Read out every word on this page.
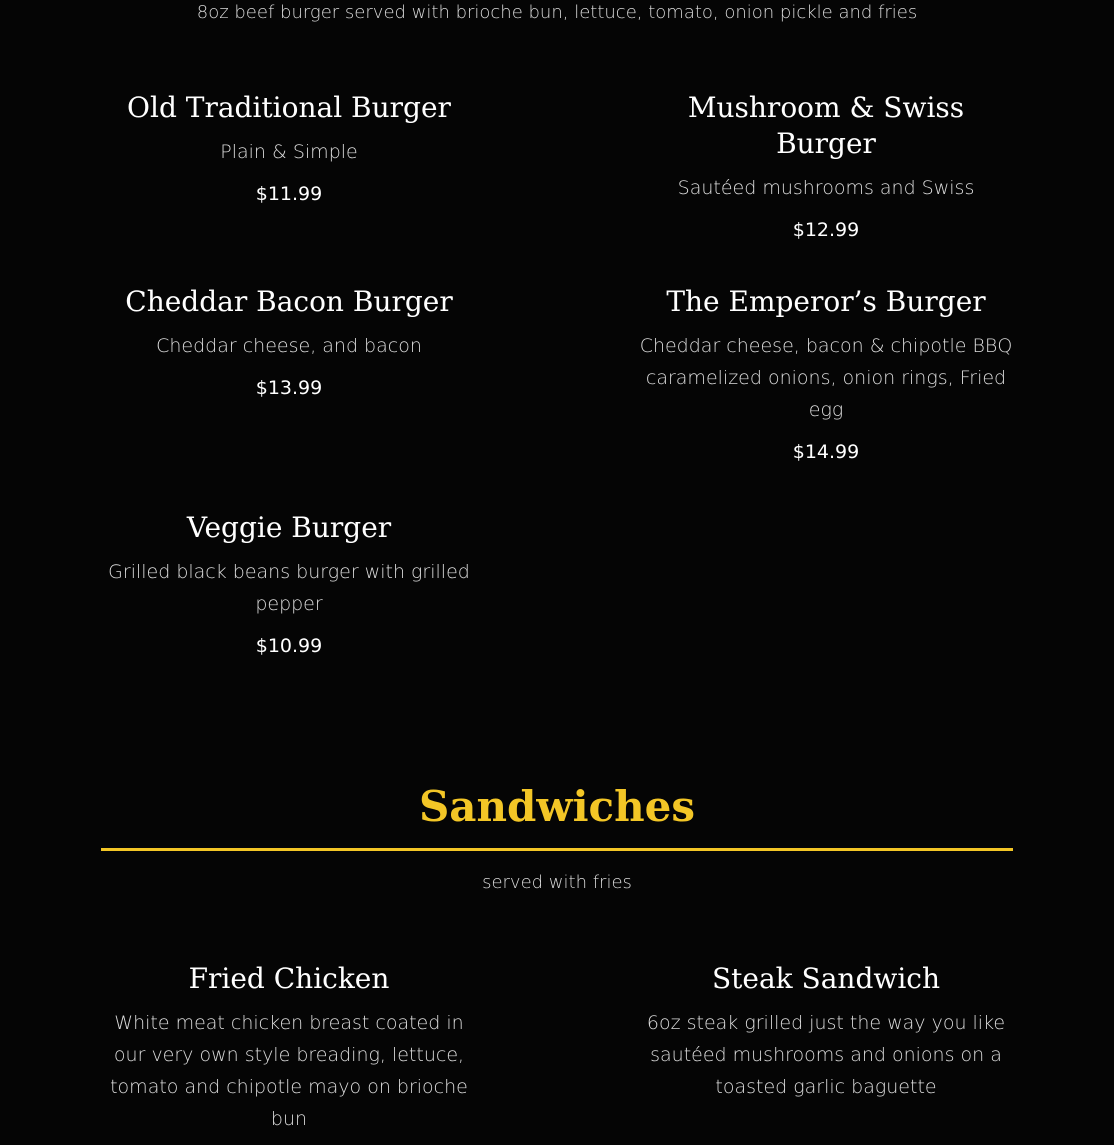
8oz beef burger served with brioche bun, lettuce, tomato, onion pickle and fries
Old Traditional Burger

Plain & Simple

$11.99

Mushroom & Swiss Burger

Sautéed mushrooms and Swiss

$12.99

Cheddar Bacon Burger

Cheddar cheese, and bacon

$13.99

The Emperor’s Burger

Cheddar cheese, bacon & chipotle BBQ caramelized onions, onion rings, Fried egg

$14.99

Veggie Burger

Grilled black beans burger with grilled pepper

$10.99

Sandwiches
served with fries
Fried Chicken

White meat chicken breast coated in our very own style breading, lettuce, tomato and chipotle mayo on brioche bun

Steak Sandwich

6oz steak grilled just the way you like sautéed mushrooms and onions on a toasted garlic baguette
